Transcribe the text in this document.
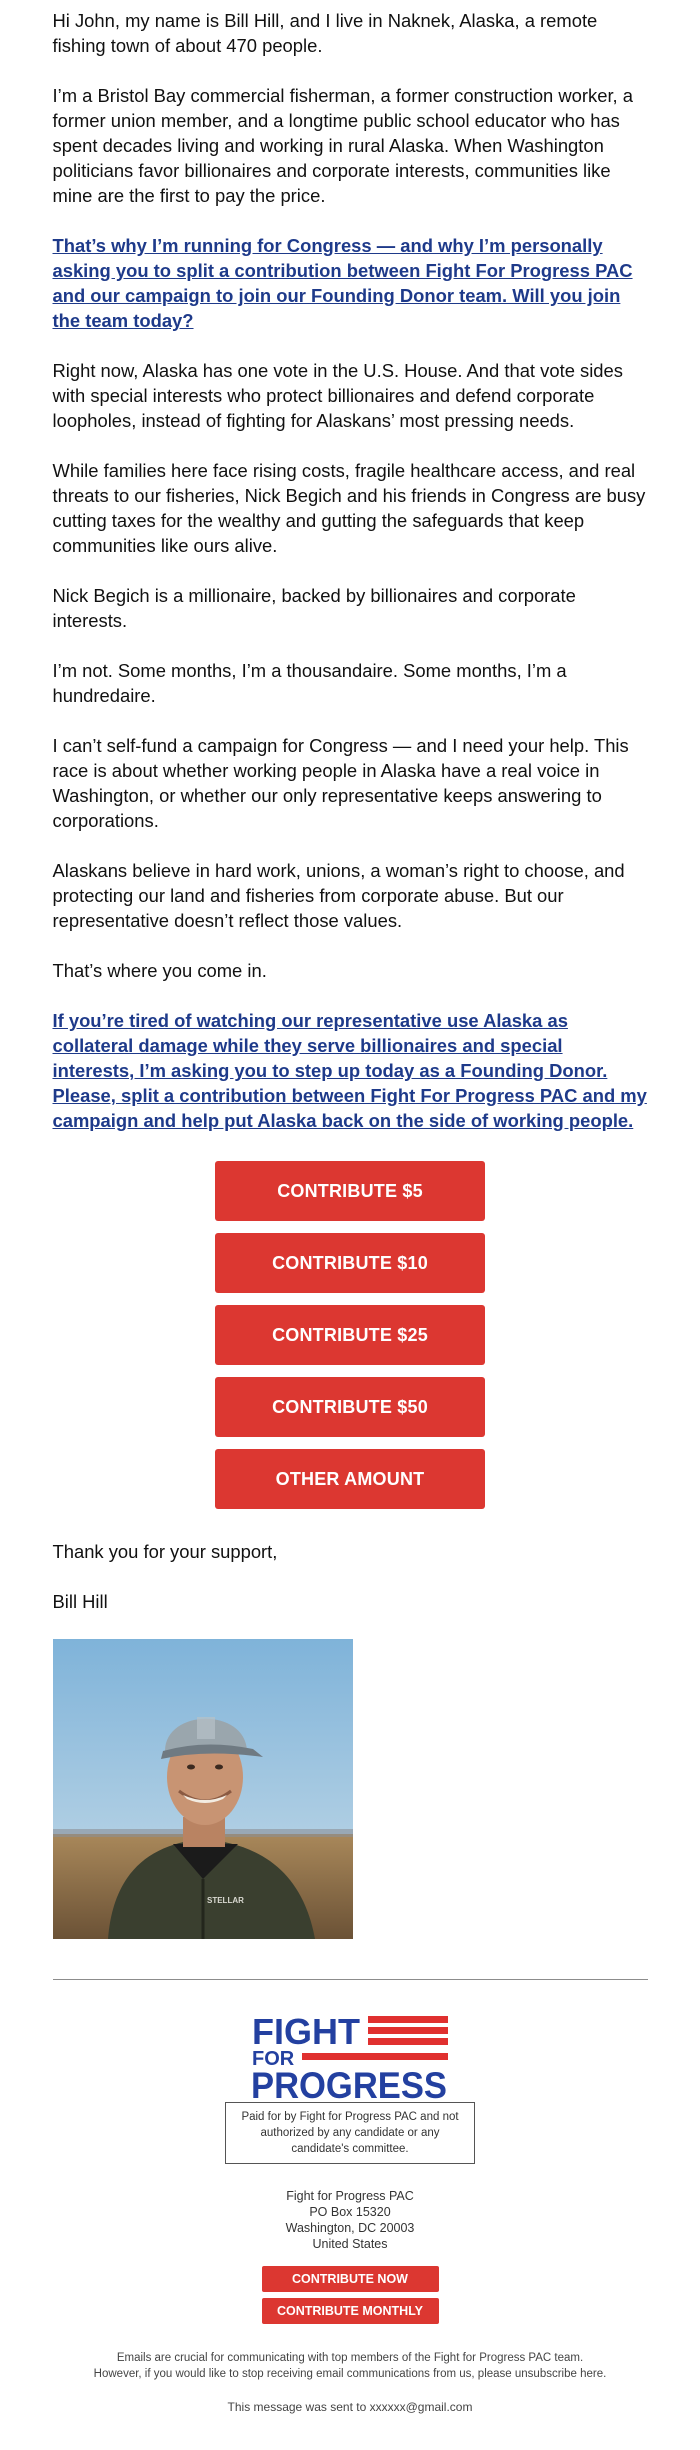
Hi John, my name is Bill Hill, and I live in Naknek, Alaska, a remote fishing town of about 470 people.

I’m a Bristol Bay commercial fisherman, a former construction worker, a former union member, and a longtime public school educator who has spent decades living and working in rural Alaska. When Washington politicians favor billionaires and corporate interests, communities like mine are the first to pay the price.

That’s why I’m running for Congress — and why I’m personally asking you to split a contribution between Fight For Progress PAC and our campaign to join our Founding Donor team. Will you join the team today?

Right now, Alaska has one vote in the U.S. House. And that vote sides with special interests who protect billionaires and defend corporate loopholes, instead of fighting for Alaskans’ most pressing needs.

While families here face rising costs, fragile healthcare access, and real threats to our fisheries, Nick Begich and his friends in Congress are busy cutting taxes for the wealthy and gutting the safeguards that keep communities like ours alive.

Nick Begich is a millionaire, backed by billionaires and corporate interests.

I’m not. Some months, I’m a thousandaire. Some months, I’m a hundredaire.

I can’t self-fund a campaign for Congress — and I need your help. This race is about whether working people in Alaska have a real voice in Washington, or whether our only representative keeps answering to corporations.

Alaskans believe in hard work, unions, a woman’s right to choose, and protecting our land and fisheries from corporate abuse. But our representative doesn’t reflect those values.

That’s where you come in.

If you’re tired of watching our representative use Alaska as collateral damage while they serve billionaires and special interests, I’m asking you to step up today as a Founding Donor. Please, split a contribution between Fight For Progress PAC and my campaign and help put Alaska back on the side of working people.

CONTRIBUTE $5
CONTRIBUTE $10
CONTRIBUTE $25
CONTRIBUTE $50
OTHER AMOUNT

Thank you for your support,

Bill Hill

STELLAR
FIGHT
FOR
PROGRESS
Paid for by Fight for Progress PAC and not authorized by any candidate or any candidate's committee.
Fight for Progress PAC
PO Box 15320
Washington, DC 20003
United States
CONTRIBUTE NOW
CONTRIBUTE MONTHLY
Emails are crucial for communicating with top members of the Fight for Progress PAC team.
However, if you would like to stop receiving email communications from us, please unsubscribe here.
This message was sent to xxxxxx@gmail.com
